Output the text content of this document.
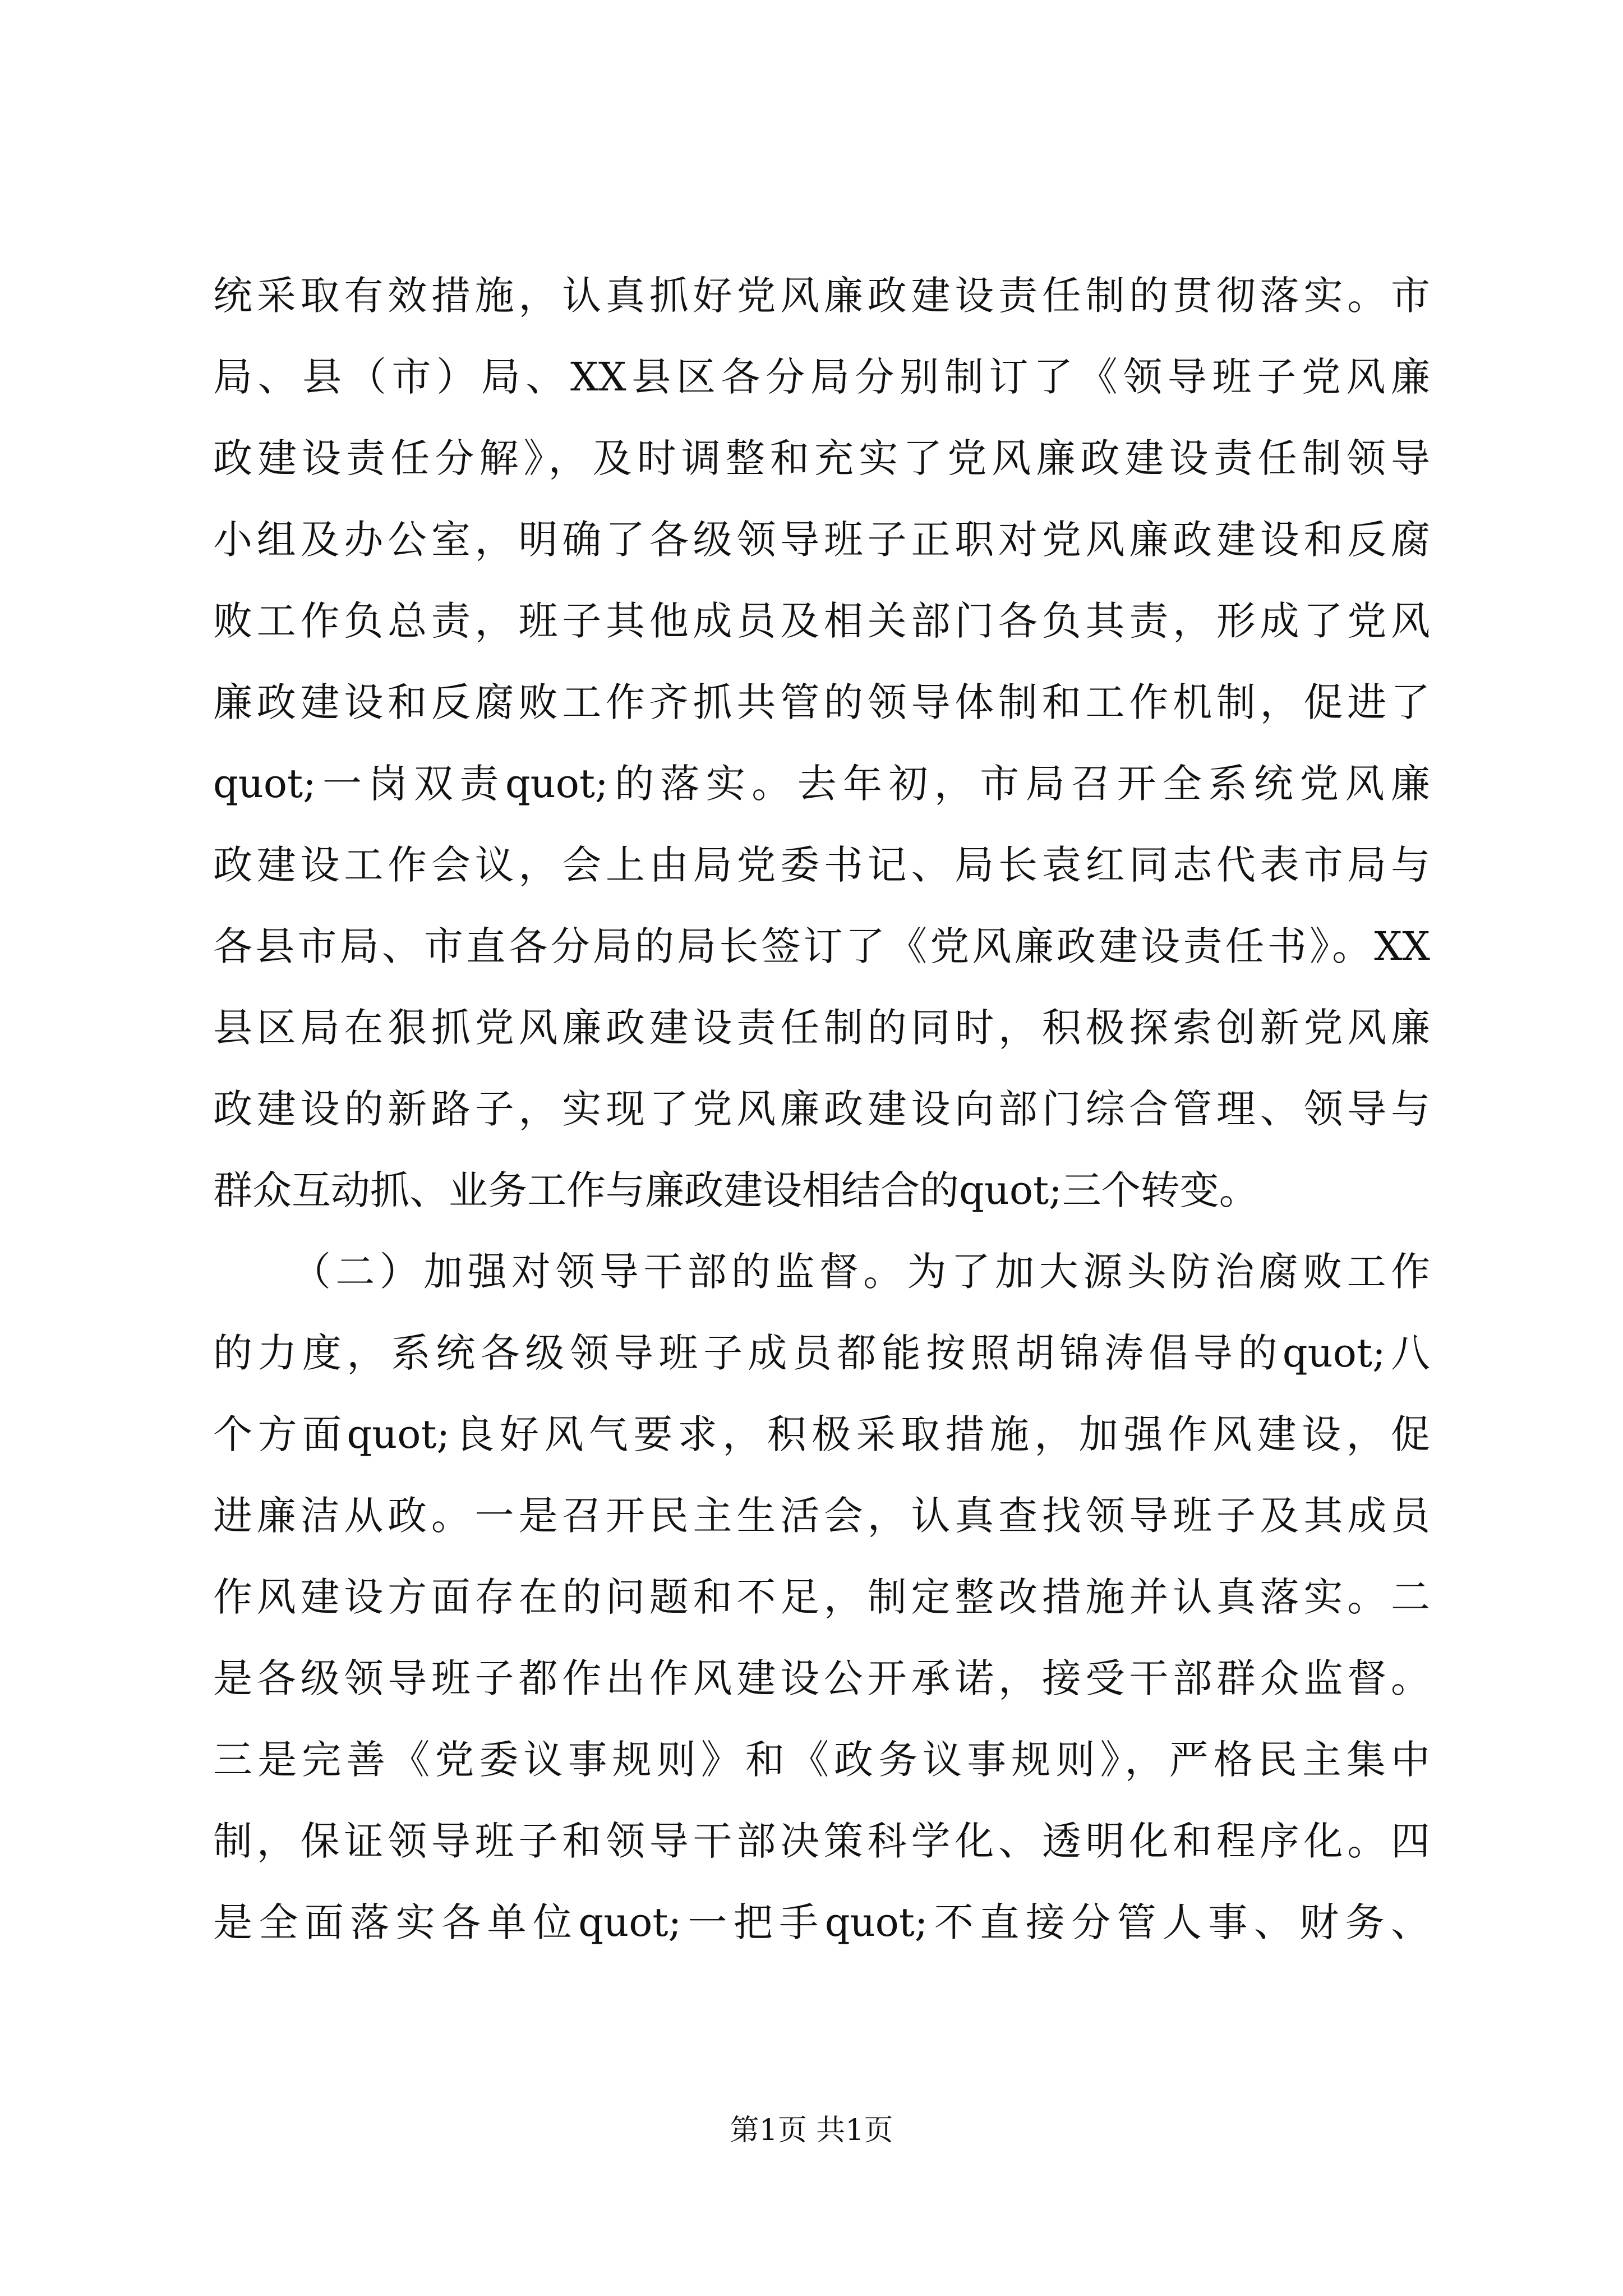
统采取有效措施，认真抓好党风廉政建设责任制的贯彻落实。市
局、县（市）局、XX县区各分局分别制订了《领导班子党风廉
政建设责任分解》，及时调整和充实了党风廉政建设责任制领导
小组及办公室，明确了各级领导班子正职对党风廉政建设和反腐
败工作负总责，班子其他成员及相关部门各负其责，形成了党风
廉政建设和反腐败工作齐抓共管的领导体制和工作机制，促进了
quot;一岗双责quot;的落实。去年初，市局召开全系统党风廉
政建设工作会议，会上由局党委书记、局长袁红同志代表市局与
各县市局、市直各分局的局长签订了《党风廉政建设责任书》。XX
县区局在狠抓党风廉政建设责任制的同时，积极探索创新党风廉
政建设的新路子，实现了党风廉政建设向部门综合管理、领导与
群众互动抓、业务工作与廉政建设相结合的quot;三个转变。
（二）加强对领导干部的监督。为了加大源头防治腐败工作
的力度，系统各级领导班子成员都能按照胡锦涛倡导的quot;八
个方面quot;良好风气要求，积极采取措施，加强作风建设，促
进廉洁从政。一是召开民主生活会，认真查找领导班子及其成员
作风建设方面存在的问题和不足，制定整改措施并认真落实。二
是各级领导班子都作出作风建设公开承诺，接受干部群众监督。
三是完善《党委议事规则》和《政务议事规则》，严格民主集中
制，保证领导班子和领导干部决策科学化、透明化和程序化。四
是全面落实各单位quot;一把手quot;不直接分管人事、财务、
第1页 共1页
